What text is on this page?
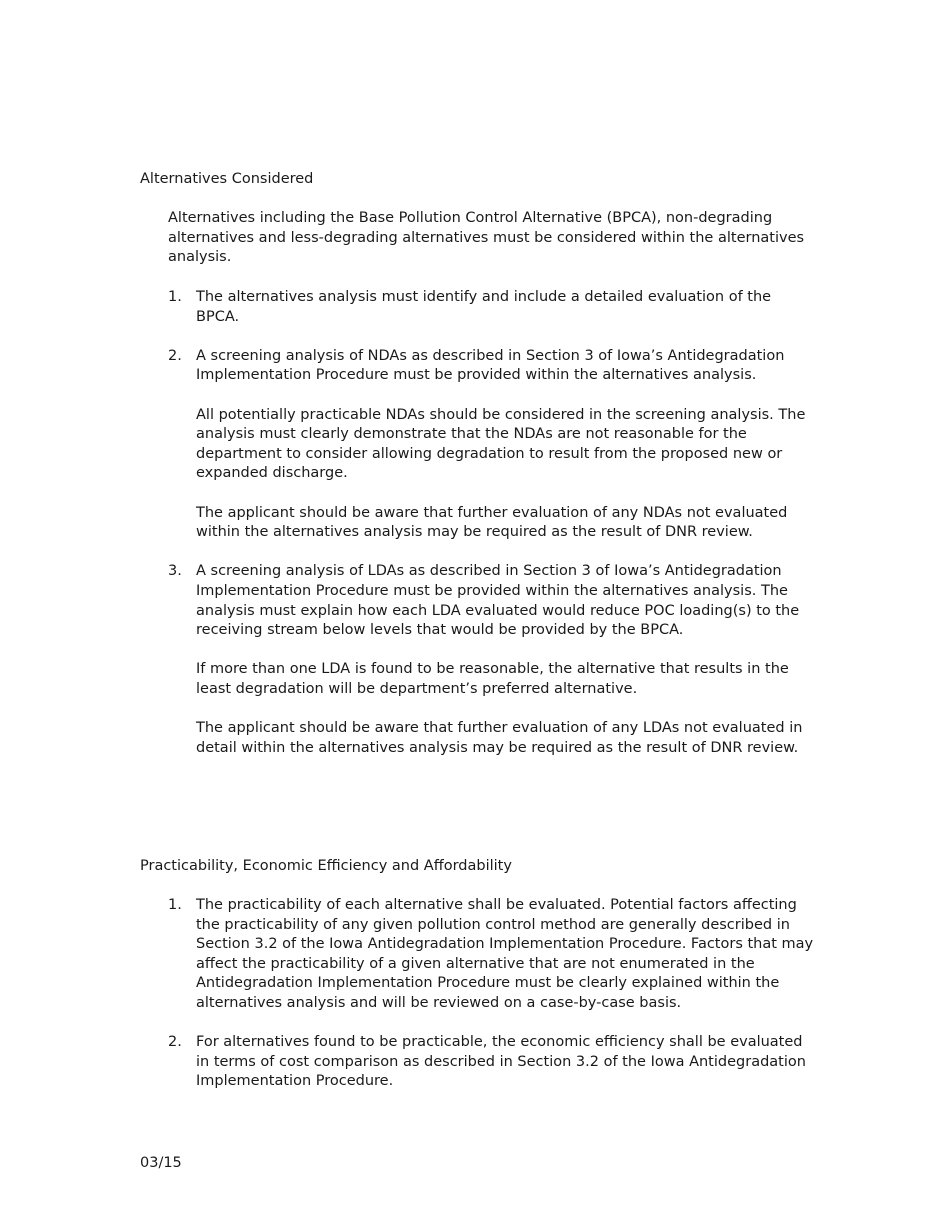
Alternatives Considered

Alternatives including the Base Pollution Control Alternative (BPCA), non-degrading alternatives and less-degrading alternatives must be considered within the alternatives analysis.

1. The alternatives analysis must identify and include a detailed evaluation of the BPCA.

2. A screening analysis of NDAs as described in Section 3 of Iowa’s Antidegradation Implementation Procedure must be provided within the alternatives analysis.

All potentially practicable NDAs should be considered in the screening analysis. The analysis must clearly demonstrate that the NDAs are not reasonable for the department to consider allowing degradation to result from the proposed new or expanded discharge.

The applicant should be aware that further evaluation of any NDAs not evaluated within the alternatives analysis may be required as the result of DNR review.

3. A screening analysis of LDAs as described in Section 3 of Iowa’s Antidegradation Implementation Procedure must be provided within the alternatives analysis. The analysis must explain how each LDA evaluated would reduce POC loading(s) to the receiving stream below levels that would be provided by the BPCA.

If more than one LDA is found to be reasonable, the alternative that results in the least degradation will be department’s preferred alternative.

The applicant should be aware that further evaluation of any LDAs not evaluated in detail within the alternatives analysis may be required as the result of DNR review.

Practicability, Economic Efficiency and Affordability
1. The practicability of each alternative shall be evaluated. Potential factors affecting the practicability of any given pollution control method are generally described in Section 3.2 of the Iowa Antidegradation Implementation Procedure. Factors that may affect the practicability of a given alternative that are not enumerated in the Antidegradation Implementation Procedure must be clearly explained within the alternatives analysis and will be reviewed on a case-by-case basis.

2. For alternatives found to be practicable, the economic efficiency shall be evaluated in terms of cost comparison as described in Section 3.2 of the Iowa Antidegradation Implementation Procedure.

03/15
